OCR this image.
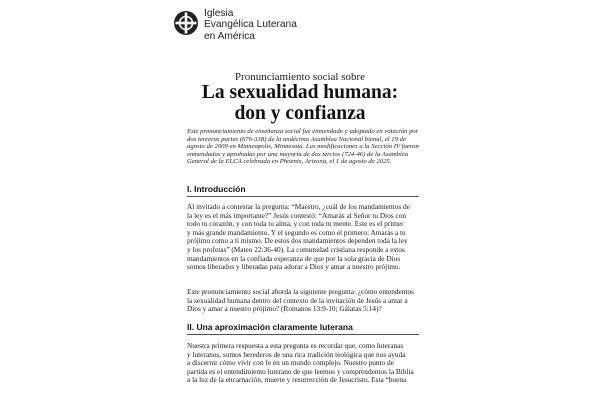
Iglesia
Evangélica Luterana
en América
Pronunciamiento social sobre
La sexualidad humana:
don y confianza
Este pronunciamiento de enseñanza social fue enmendado y adoptado en votación por
dos terceras partes (676-338) de la undécima Asamblea Nacional bienal, el 19 de
agosto de 2009 en Minneapolis, Minnesota. Las modificaciones a la Sección IV fueron
enmendadas y aprobadas por una mayoría de dos tercios (724-46) de la Asamblea
General de la ELCA celebrada en Phoenix, Arizona, el 1 de agosto de 2025.
I. Introducción
Al invitado a contestar la pregunta: “Maestro, ¿cuál de los mandamientos de
la ley es el más importante?” Jesús contestó: “Amarás al Señor tu Dios con
todo tu corazón, y con toda tu alma, y con toda tu mente. Este es el primer
y más grande mandamiento. Y el segundo es como el primero: Amarás a tu
prójimo como a ti mismo. De estos dos mandamientos dependen toda la ley
y los profetas” (Mateo 22:36-40). La comunidad cristiana responde a estos
mandamientos en la confiada esperanza de que por la sola gracia de Dios
somos liberados y liberadas para adorar a Dios y amar a nuestro prójimo.
Este pronunciamiento social aborda la siguiente pregunta: ¿cómo entendemos
la sexualidad humana dentro del contexto de la invitación de Jesús a amar a
Dios y amar a nuestro prójimo? (Romanos 13:9-10; Gálatas 5:14)?
II. Una aproximación claramente luterana
Nuestra primera respuesta a esta pregunta es recordar que, como luteranas
y luteranos, somos herederos de una rica tradición teológica que nos ayuda
a discernir cómo vivir con fe en un mundo complejo. Nuestro punto de
partida es el entendimiento luterano de que leemos y comprendemos la Biblia
a la luz de la encarnación, muerte y resurrección de Jesucristo. Esta “buena
